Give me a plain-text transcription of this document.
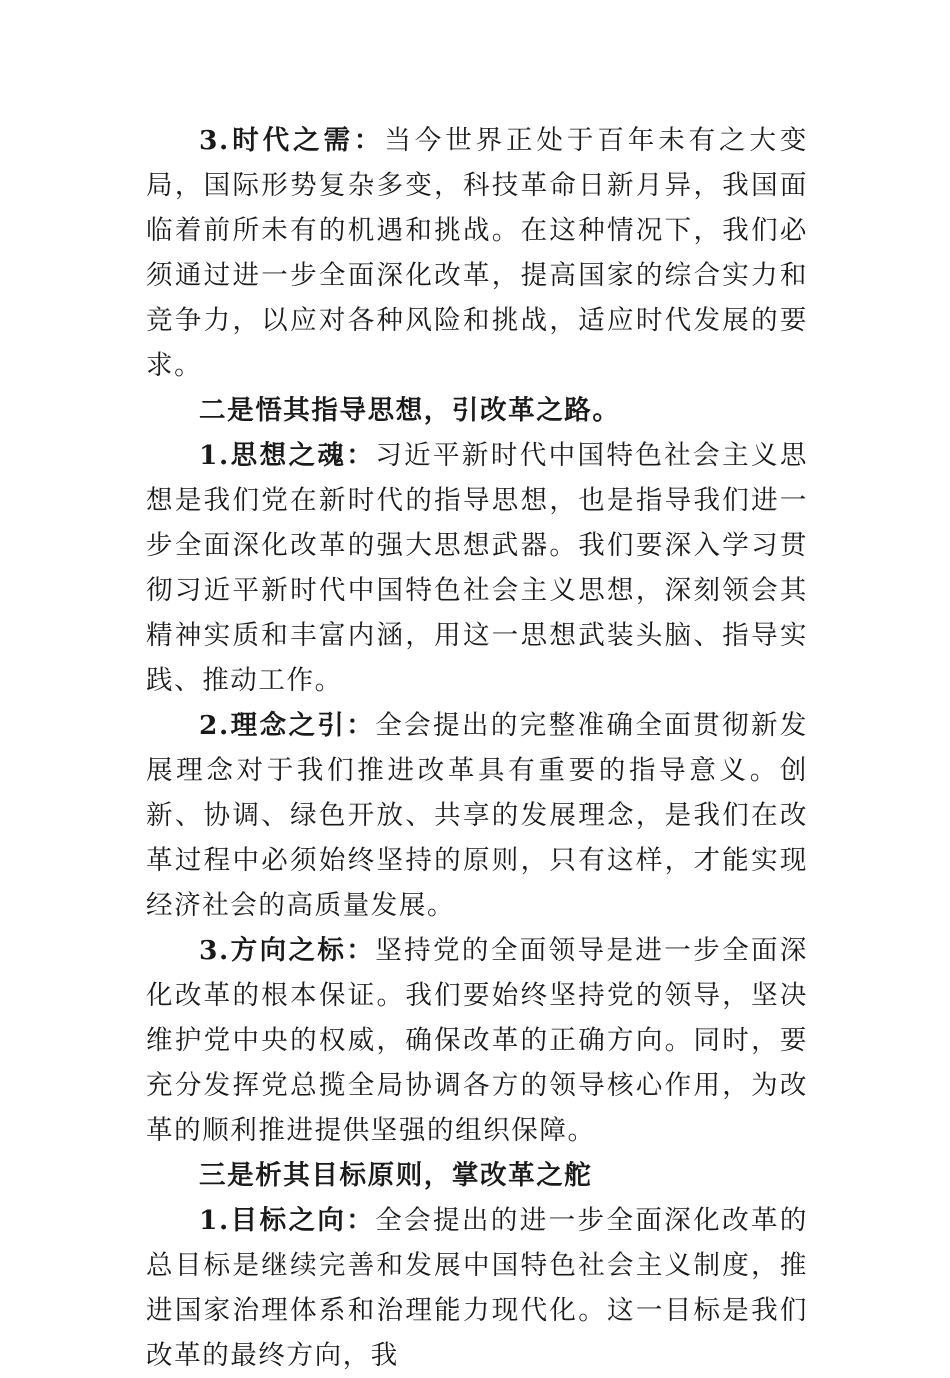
3.时代之需：当今世界正处于百年未有之大变局，国际形势复杂多变，科技革命日新月异，我国面临着前所未有的机遇和挑战。在这种情况下，我们必须通过进一步全面深化改革，提高国家的综合实力和竞争力，以应对各种风险和挑战，适应时代发展的要求。

二是悟其指导思想，引改革之路。

1.思想之魂：习近平新时代中国特色社会主义思想是我们党在新时代的指导思想，也是指导我们进一步全面深化改革的强大思想武器。我们要深入学习贯彻习近平新时代中国特色社会主义思想，深刻领会其精神实质和丰富内涵，用这一思想武装头脑、指导实践、推动工作。

2.理念之引：全会提出的完整准确全面贯彻新发展理念对于我们推进改革具有重要的指导意义。创新、协调、绿色开放、共享的发展理念，是我们在改革过程中必须始终坚持的原则，只有这样，才能实现经济社会的高质量发展。

3.方向之标：坚持党的全面领导是进一步全面深化改革的根本保证。我们要始终坚持党的领导，坚决维护党中央的权威，确保改革的正确方向。同时，要充分发挥党总揽全局协调各方的领导核心作用，为改革的顺利推进提供坚强的组织保障。

三是析其目标原则，掌改革之舵

1.目标之向：全会提出的进一步全面深化改革的总目标是继续完善和发展中国特色社会主义制度，推进国家治理体系和治理能力现代化。这一目标是我们改革的最终方向，我
